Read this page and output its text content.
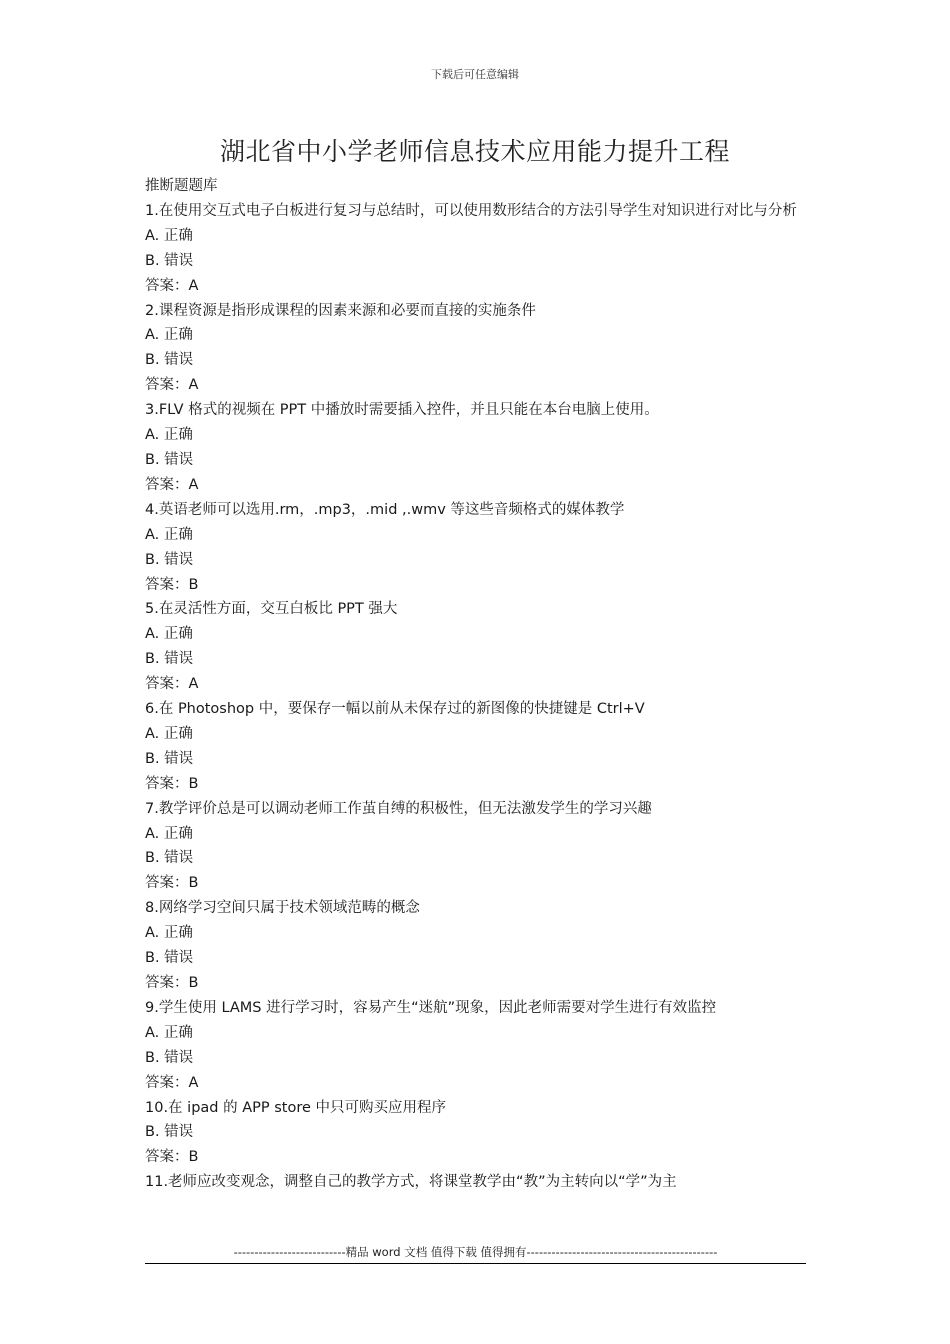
下载后可任意编辑
湖北省中小学老师信息技术应用能力提升工程

推断题题库

1.在使用交互式电子白板进行复习与总结时，可以使用数形结合的方法引导学生对知识进行对比与分析

A. 正确

B. 错误

答案：A

2.课程资源是指形成课程的因素来源和必要而直接的实施条件

A. 正确

B. 错误

答案：A

3.FLV 格式的视频在 PPT 中播放时需要插入控件，并且只能在本台电脑上使用。

A. 正确

B. 错误

答案：A

4.英语老师可以选用.rm，.mp3，.mid ,.wmv 等这些音频格式的媒体教学

A. 正确

B. 错误

答案：B

5.在灵活性方面，交互白板比 PPT 强大

A. 正确

B. 错误

答案：A

6.在 Photoshop 中，要保存一幅以前从未保存过的新图像的快捷键是 Ctrl+V

A. 正确

B. 错误

答案：B

7.教学评价总是可以调动老师工作茧自缚的积极性，但无法激发学生的学习兴趣

A. 正确

B. 错误

答案：B

8.网络学习空间只属于技术领域范畴的概念

A. 正确

B. 错误

答案：B

9.学生使用 LAMS 进行学习时，容易产生“迷航”现象，因此老师需要对学生进行有效监控

A. 正确

B. 错误

答案：A

10.在 ipad 的 APP store 中只可购买应用程序

B. 错误

答案：B

11.老师应改变观念，调整自己的教学方式，将课堂教学由“教”为主转向以“学”为主

---------------------------精品 word 文档 值得下载 值得拥有----------------------------------------------
